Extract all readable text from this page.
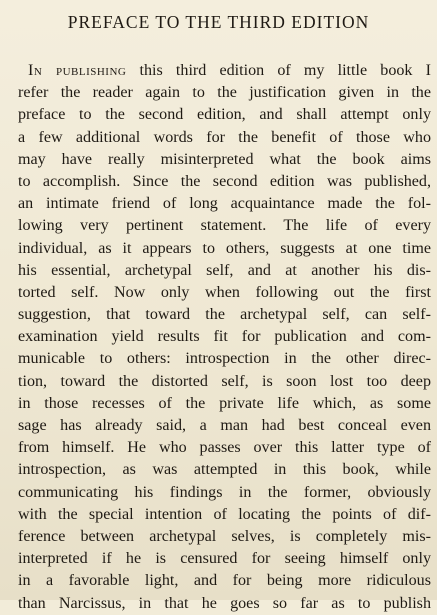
PREFACE TO THE THIRD EDITION
In publishing this third edition of my little book I
refer the reader again to the justification given in the
preface to the second edition, and shall attempt only
a few additional words for the benefit of those who
may have really misinterpreted what the book aims
to accomplish. Since the second edition was published,
an intimate friend of long acquaintance made the fol-
lowing very pertinent statement. The life of every
individual, as it appears to others, suggests at one time
his essential, archetypal self, and at another his dis-
torted self. Now only when following out the first
suggestion, that toward the archetypal self, can self-
examination yield results fit for publication and com-
municable to others: introspection in the other direc-
tion, toward the distorted self, is soon lost too deep
in those recesses of the private life which, as some
sage has already said, a man had best conceal even
from himself. He who passes over this latter type of
introspection, as was attempted in this book, while
communicating his findings in the former, obviously
with the special intention of locating the points of dif-
ference between archetypal selves, is completely mis-
interpreted if he is censured for seeing himself only
in a favorable light, and for being more ridiculous
than Narcissus, in that he goes so far as to publish
